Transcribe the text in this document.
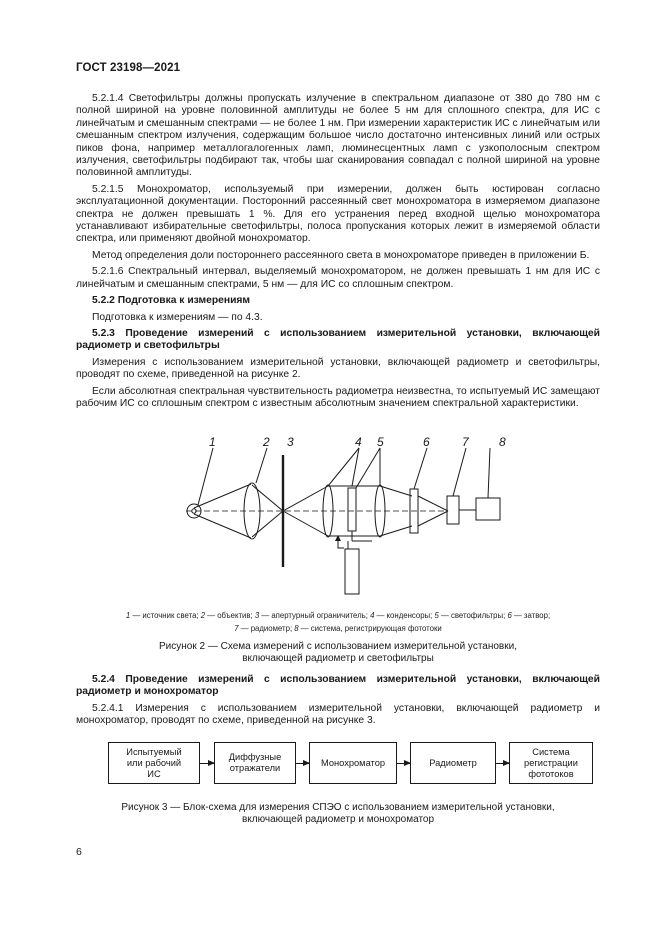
ГОСТ 23198—2021

5.2.1.4 Светофильтры должны пропускать излучение в спектральном диапазоне от 380 до 780 нм с полной шириной на уровне половинной амплитуды не более 5 нм для сплошного спектра, для ИС с линейчатым и смешанным спектрами — не более 1 нм. При измерении характеристик ИС с линейчатым или смешанным спектром излучения, содержащим большое число достаточно интенсивных линий или острых пиков фона, например металлогалогенных ламп, люминесцентных ламп с узкополосным спектром излучения, светофильтры подбирают так, чтобы шаг сканирования совпадал с полной шириной на уровне половинной амплитуды.

5.2.1.5 Монохроматор, используемый при измерении, должен быть юстирован согласно эксплуатационной документации. Посторонний рассеянный свет монохроматора в измеряемом диапазоне спектра не должен превышать 1 %. Для его устранения перед входной щелью монохроматора устанавливают избирательные светофильтры, полоса пропускания которых лежит в измеряемой области спектра, или применяют двойной монохроматор.

Метод определения доли постороннего рассеянного света в монохроматоре приведен в приложении Б.

5.2.1.6 Спектральный интервал, выделяемый монохроматором, не должен превышать 1 нм для ИС с линейчатым и смешанным спектрами, 5 нм — для ИС со сплошным спектром.

5.2.2 Подготовка к измерениям

Подготовка к измерениям — по 4.3.

5.2.3 Проведение измерений с использованием измерительной установки, включающей радиометр и светофильтры

Измерения с использованием измерительной установки, включающей радиометр и светофильтры, проводят по схеме, приведенной на рисунке 2.

Если абсолютная спектральная чувствительность радиометра неизвестна, то испытуемый ИС замещают рабочим ИС со сплошным спектром с известным абсолютным значением спектральной характеристики.

1	2 3	4 5	6	7	8
1 — источник света; 2 — объектив; 3 — апертурный ограничитель; 4 — конденсоры; 5 — светофильтры; 6 — затвор;
7 — радиометр; 8 — система, регистрирующая фототоки
Рисунок 2 — Схема измерений с использованием измерительной установки,
включающей радиометр и светофильтры

5.2.4 Проведение измерений с использованием измерительной установки, включающей радиометр и монохроматор

5.2.4.1 Измерения с использованием измерительной установки, включающей радиометр и монохроматор, проводят по схеме, приведенной на рисунке 3.

Испытуемый
или рабочий
ИС
Диффузные
отражатели
Монохроматор	Радиометр
Система
регистрации
фототоков
Рисунок 3 — Блок-схема для измерения СПЭО с использованием измерительной установки,
включающей радиометр и монохроматор
6
